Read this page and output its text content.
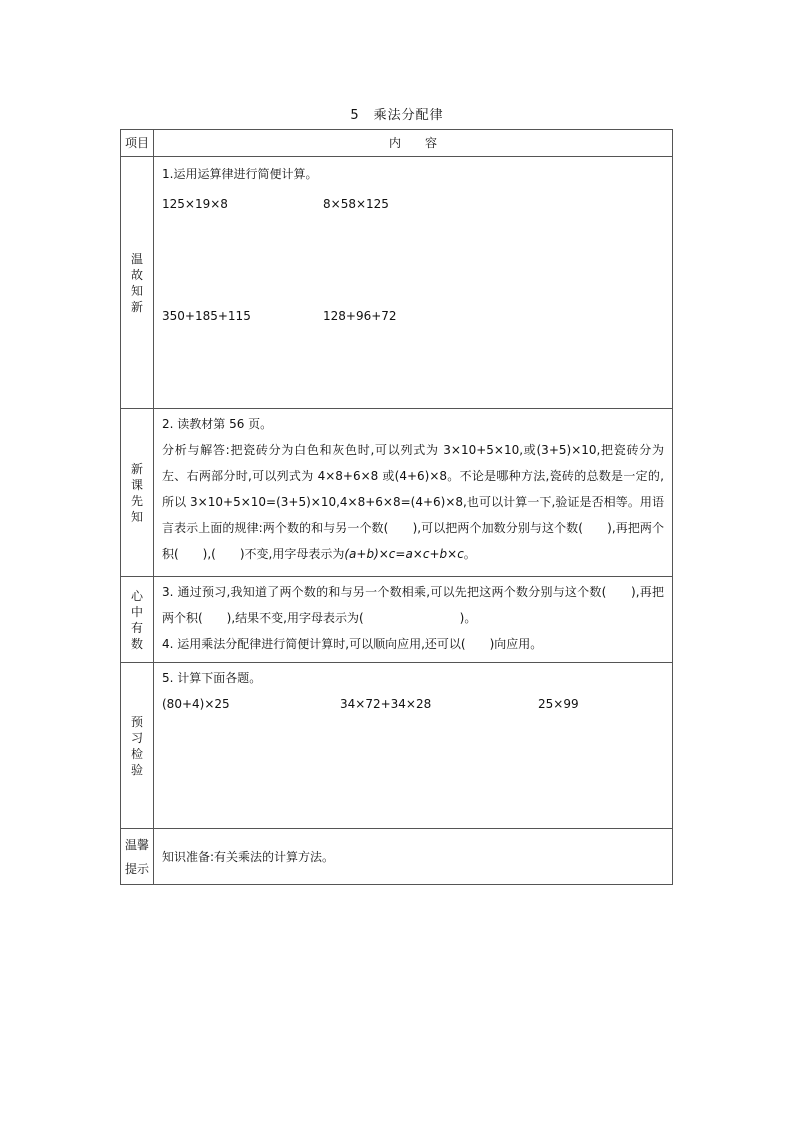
5 乘法分配律
项目	内　　容
温故知新	1.运用运算律进行简便计算。
125×19×8 8×58×125
350+185+115 128+96+72

新课先知	2. 读教材第 56 页。
分析与解答:把瓷砖分为白色和灰色时,可以列式为 3×10+5×10,或(3+5)×10,把瓷砖分为左、右两部分时,可以列式为 4×8+6×8 或(4+6)×8。不论是哪种方法,瓷砖的总数是一定的,所以 3×10+5×10=(3+5)×10,4×8+6×8=(4+6)×8,也可以计算一下,验证是否相等。用语言表示上面的规律:两个数的和与另一个数(　　),可以把两个加数分别与这个数(　　),再把两个积(　　),(　　)不变,用字母表示为(a+b)×c=a×c+b×c。

心中有数	3. 通过预习,我知道了两个数的和与另一个数相乘,可以先把这两个数分别与这个数(　　),再把两个积(　　),结果不变,用字母表示为(　　　　　　　　)。
4. 运用乘法分配律进行简便计算时,可以顺向应用,还可以(　　)向应用。

预习检验	5. 计算下面各题。
(80+4)×25 34×72+34×28 25×99

温馨提示	知识准备:有关乘法的计算方法。
